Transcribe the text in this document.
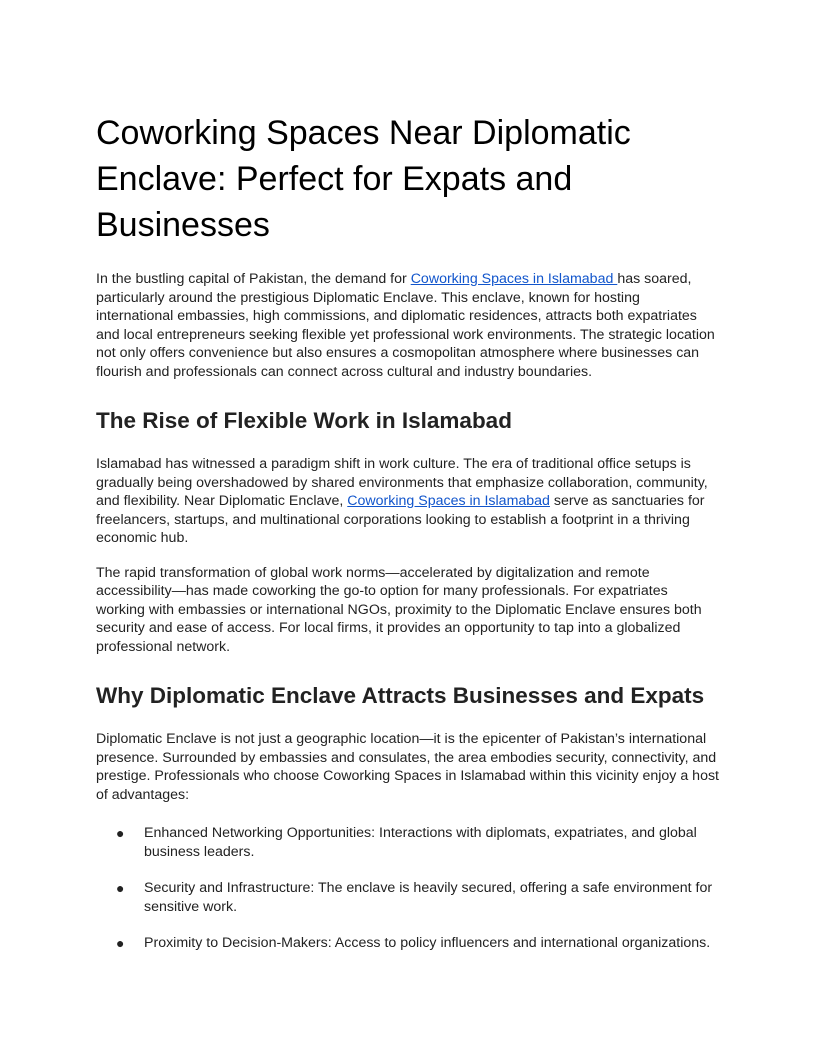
Coworking Spaces Near Diplomatic Enclave: Perfect for Expats and Businesses

In the bustling capital of Pakistan, the demand for Coworking Spaces in Islamabad has soared, particularly around the prestigious Diplomatic Enclave. This enclave, known for hosting international embassies, high commissions, and diplomatic residences, attracts both expatriates and local entrepreneurs seeking flexible yet professional work environments. The strategic location not only offers convenience but also ensures a cosmopolitan atmosphere where businesses can flourish and professionals can connect across cultural and industry boundaries.

The Rise of Flexible Work in Islamabad

Islamabad has witnessed a paradigm shift in work culture. The era of traditional office setups is gradually being overshadowed by shared environments that emphasize collaboration, community, and flexibility. Near Diplomatic Enclave, Coworking Spaces in Islamabad serve as sanctuaries for freelancers, startups, and multinational corporations looking to establish a footprint in a thriving economic hub.

The rapid transformation of global work norms—accelerated by digitalization and remote accessibility—has made coworking the go-to option for many professionals. For expatriates working with embassies or international NGOs, proximity to the Diplomatic Enclave ensures both security and ease of access. For local firms, it provides an opportunity to tap into a globalized professional network.

Why Diplomatic Enclave Attracts Businesses and Expats

Diplomatic Enclave is not just a geographic location—it is the epicenter of Pakistan’s international presence. Surrounded by embassies and consulates, the area embodies security, connectivity, and prestige. Professionals who choose Coworking Spaces in Islamabad within this vicinity enjoy a host of advantages:

● Enhanced Networking Opportunities: Interactions with diplomats, expatriates, and global business leaders.
● Security and Infrastructure: The enclave is heavily secured, offering a safe environment for sensitive work.
● Proximity to Decision-Makers: Access to policy influencers and international organizations.
